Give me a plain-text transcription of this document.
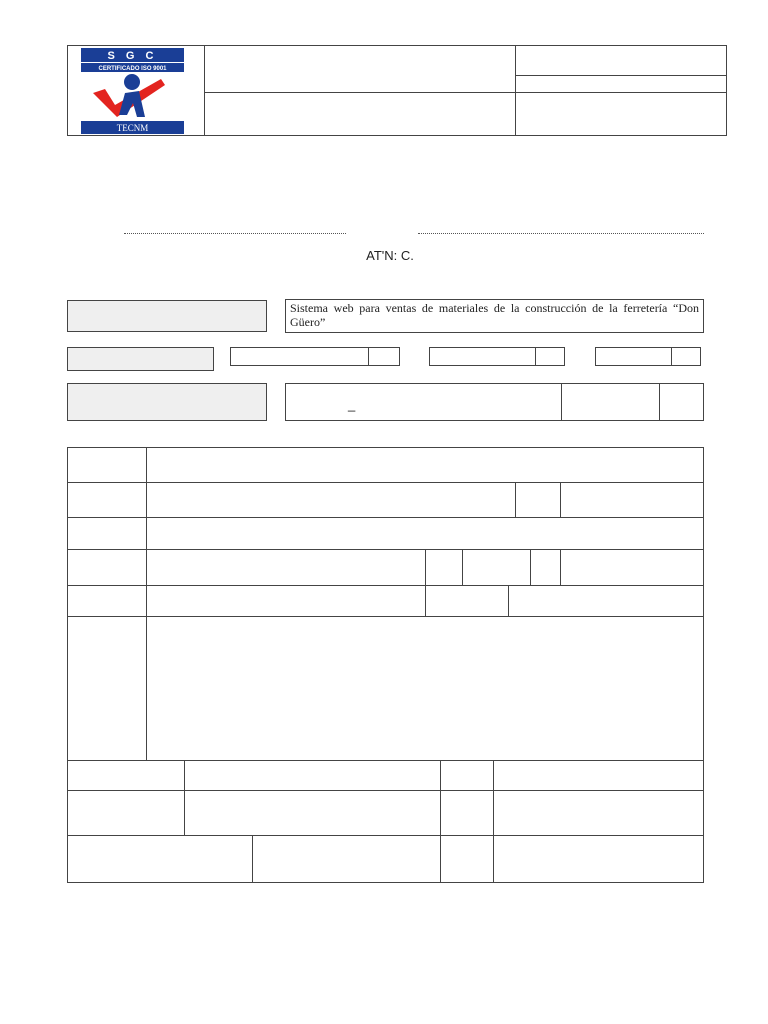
S G C
CERTIFICADO ISO 9001
TECNM
AT'N: C.
Sistema web para ventas de materiales de la construcción de la ferretería “Don Güero”
_
